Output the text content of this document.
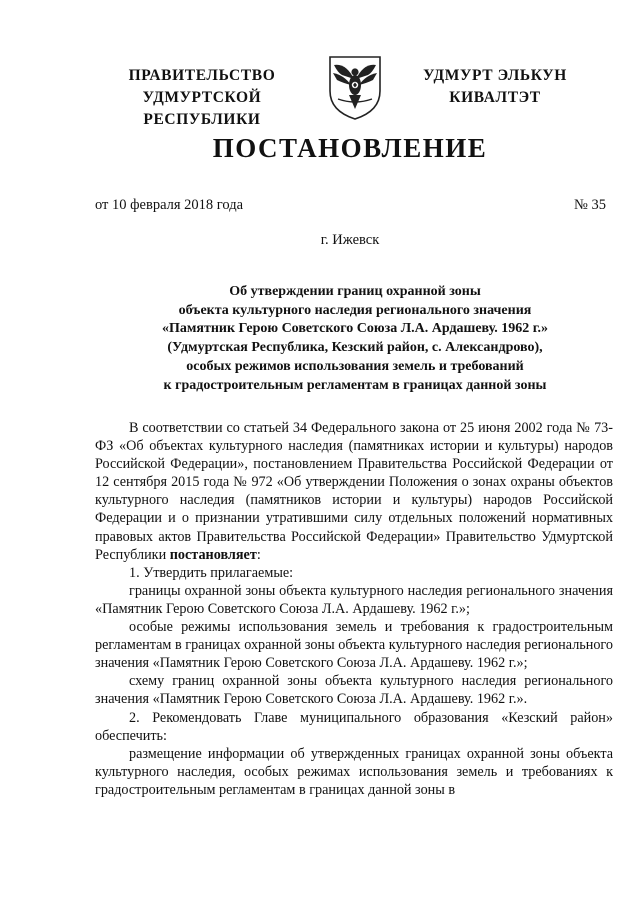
ПРАВИТЕЛЬСТВО
УДМУРТСКОЙ РЕСПУБЛИКИ
УДМУРТ ЭЛЬКУН
КИВАЛТЭТ
ПОСТАНОВЛЕНИЕ
от 10 февраля 2018 года	№ 35
г. Ижевск
Об утверждении границ охранной зоны
объекта культурного наследия регионального значения
«Памятник Герою Советского Союза Л.А. Ардашеву. 1962 г.»
(Удмуртская Республика, Кезский район, с. Александрово),
особых режимов использования земель и требований
к градостроительным регламентам в границах данной зоны

В соответствии со статьей 34 Федерального закона от 25 июня 2002 года № 73-ФЗ «Об объектах культурного наследия (памятниках истории и культуры) народов Российской Федерации», постановлением Правительства Российской Федерации от 12 сентября 2015 года № 972 «Об утверждении Положения о зонах охраны объектов культурного наследия (памятников истории и культуры) народов Российской Федерации и о признании утратившими силу отдельных положений нормативных правовых актов Правительства Российской Федерации» Правительство Удмуртской Республики постановляет:

1. Утвердить прилагаемые:

границы охранной зоны объекта культурного наследия регионального значения «Памятник Герою Советского Союза Л.А. Ардашеву. 1962 г.»;

особые режимы использования земель и требования к градостроительным регламентам в границах охранной зоны объекта культурного наследия регионального значения «Памятник Герою Советского Союза Л.А. Ардашеву. 1962 г.»;

схему границ охранной зоны объекта культурного наследия регионального значения «Памятник Герою Советского Союза Л.А. Ардашеву. 1962 г.».

2. Рекомендовать Главе муниципального образования «Кезский район» обеспечить:

размещение информации об утвержденных границах охранной зоны объекта культурного наследия, особых режимах использования земель и требованиях к градостроительным регламентам в границах данной зоны в
